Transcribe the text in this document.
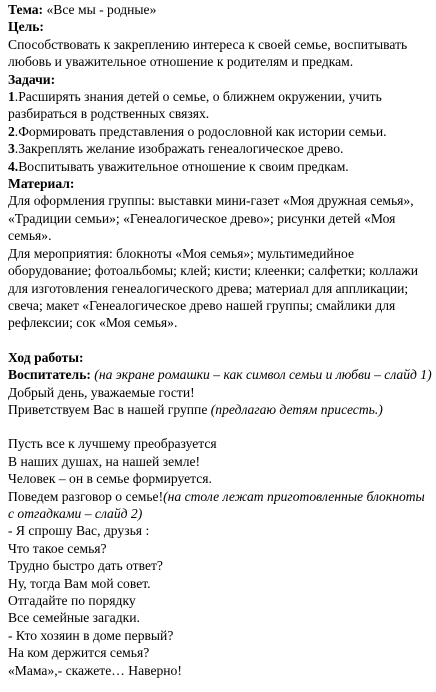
Тема: «Все мы - родные»
Цель:

Способствовать к закреплению интереса к своей семье, воспитывать любовь и уважительное отношение к родителям и предкам.

Задачи:

1.Расширять знания детей о семье, о ближнем окружении, учить разбираться в родственных связях.

2.Формировать представления о родословной как истории семьи.

3.Закреплять желание изображать генеалогическое древо.

4.Воспитывать уважительное отношение к своим предкам.

Материал:

Для оформления группы: выставки мини-газет «Моя дружная семья», «Традиции семьи»; «Генеалогическое древо»; рисунки детей «Моя семья».

Для мероприятия: блокноты «Моя семья»; мультимедийное оборудование; фотоальбомы; клей; кисти; клеенки; салфетки; коллажи для изготовления генеалогического древа; материал для аппликации; свеча; макет «Генеалогическое древо нашей группы; смайлики для рефлексии; сок «Моя семья».

Ход работы:
Воспитатель: (на экране ромашки – как символ семьи и любви – слайд 1)
Добрый день, уважаемые гости!
Приветствуем Вас в нашей группе (предлагаю детям присесть.)
Пусть все к лучшему преобразуется
В наших душах, на нашей земле!
Человек – он в семье формируется.

Поведем разговор о семье!(на столе лежат приготовленные блокноты с отгадками – слайд 2)

- Я спрошу Вас, друзья :
Что такое семья?
Трудно быстро дать ответ?
Ну, тогда Вам мой совет.
Отгадайте по порядку
Все семейные загадки.
- Кто хозяин в доме первый?
На ком держится семья?
«Мама»,- скажете… Наверно!
